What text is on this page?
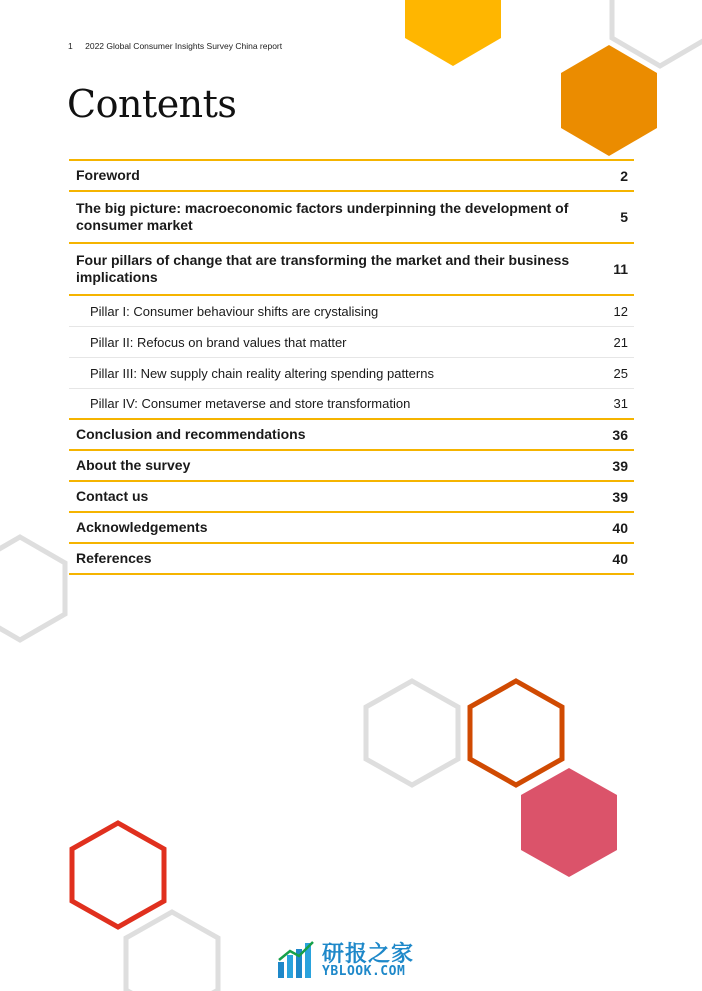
1 2022 Global Consumer Insights Survey China report
Contents
Foreword	2
The big picture: macroeconomic factors underpinning the development of consumer market	5
Four pillars of change that are transforming the market and their business implications	11
Pillar I: Consumer behaviour shifts are crystalising	12
Pillar II: Refocus on brand values that matter	21
Pillar III: New supply chain reality altering spending patterns	25
Pillar IV: Consumer metaverse and store transformation	31
Conclusion and recommendations	36
About the survey	39
Contact us	39
Acknowledgements	40
References	40
研报之家
YBLOOK.COM
